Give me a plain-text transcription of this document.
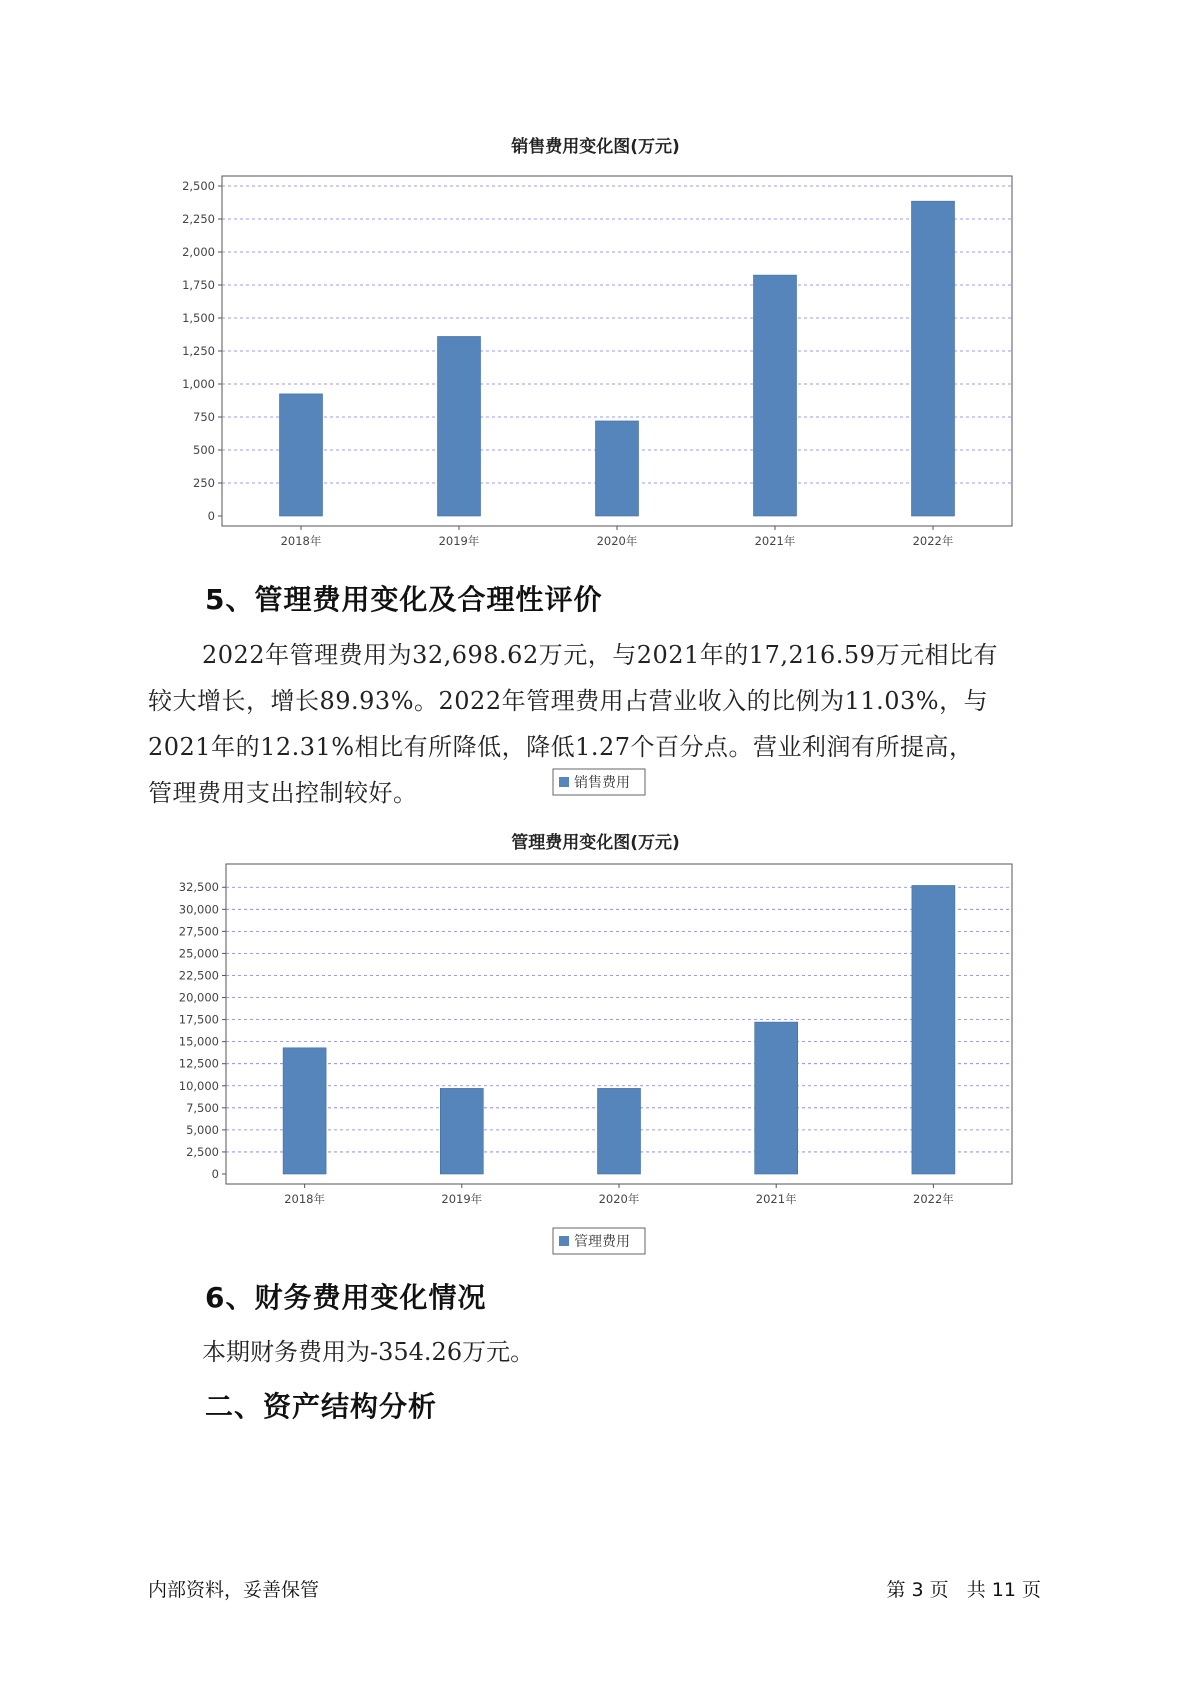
销售费用变化图(万元)
0
250
500
750
1,000
1,250
1,500
1,750
2,000
2,250
2,500
2018年	2019年	2020年	2021年	2022年
销售费用
5、管理费用变化及合理性评价
2022年管理费用为32,698.62万元，与2021年的17,216.59万元相比有
较大增长，增长89.93%。2022年管理费用占营业收入的比例为11.03%，与
2021年的12.31%相比有所降低，降低1.27个百分点。营业利润有所提高，
管理费用支出控制较好。
管理费用变化图(万元)
0
2,500
5,000
7,500
10,000
12,500
15,000
17,500
20,000
22,500
25,000
27,500
30,000
32,500
2018年	2019年	2020年	2021年	2022年
管理费用
6、财务费用变化情况
本期财务费用为-354.26万元。
二、资产结构分析
内部资料，妥善保管	第 3 页   共 11 页
